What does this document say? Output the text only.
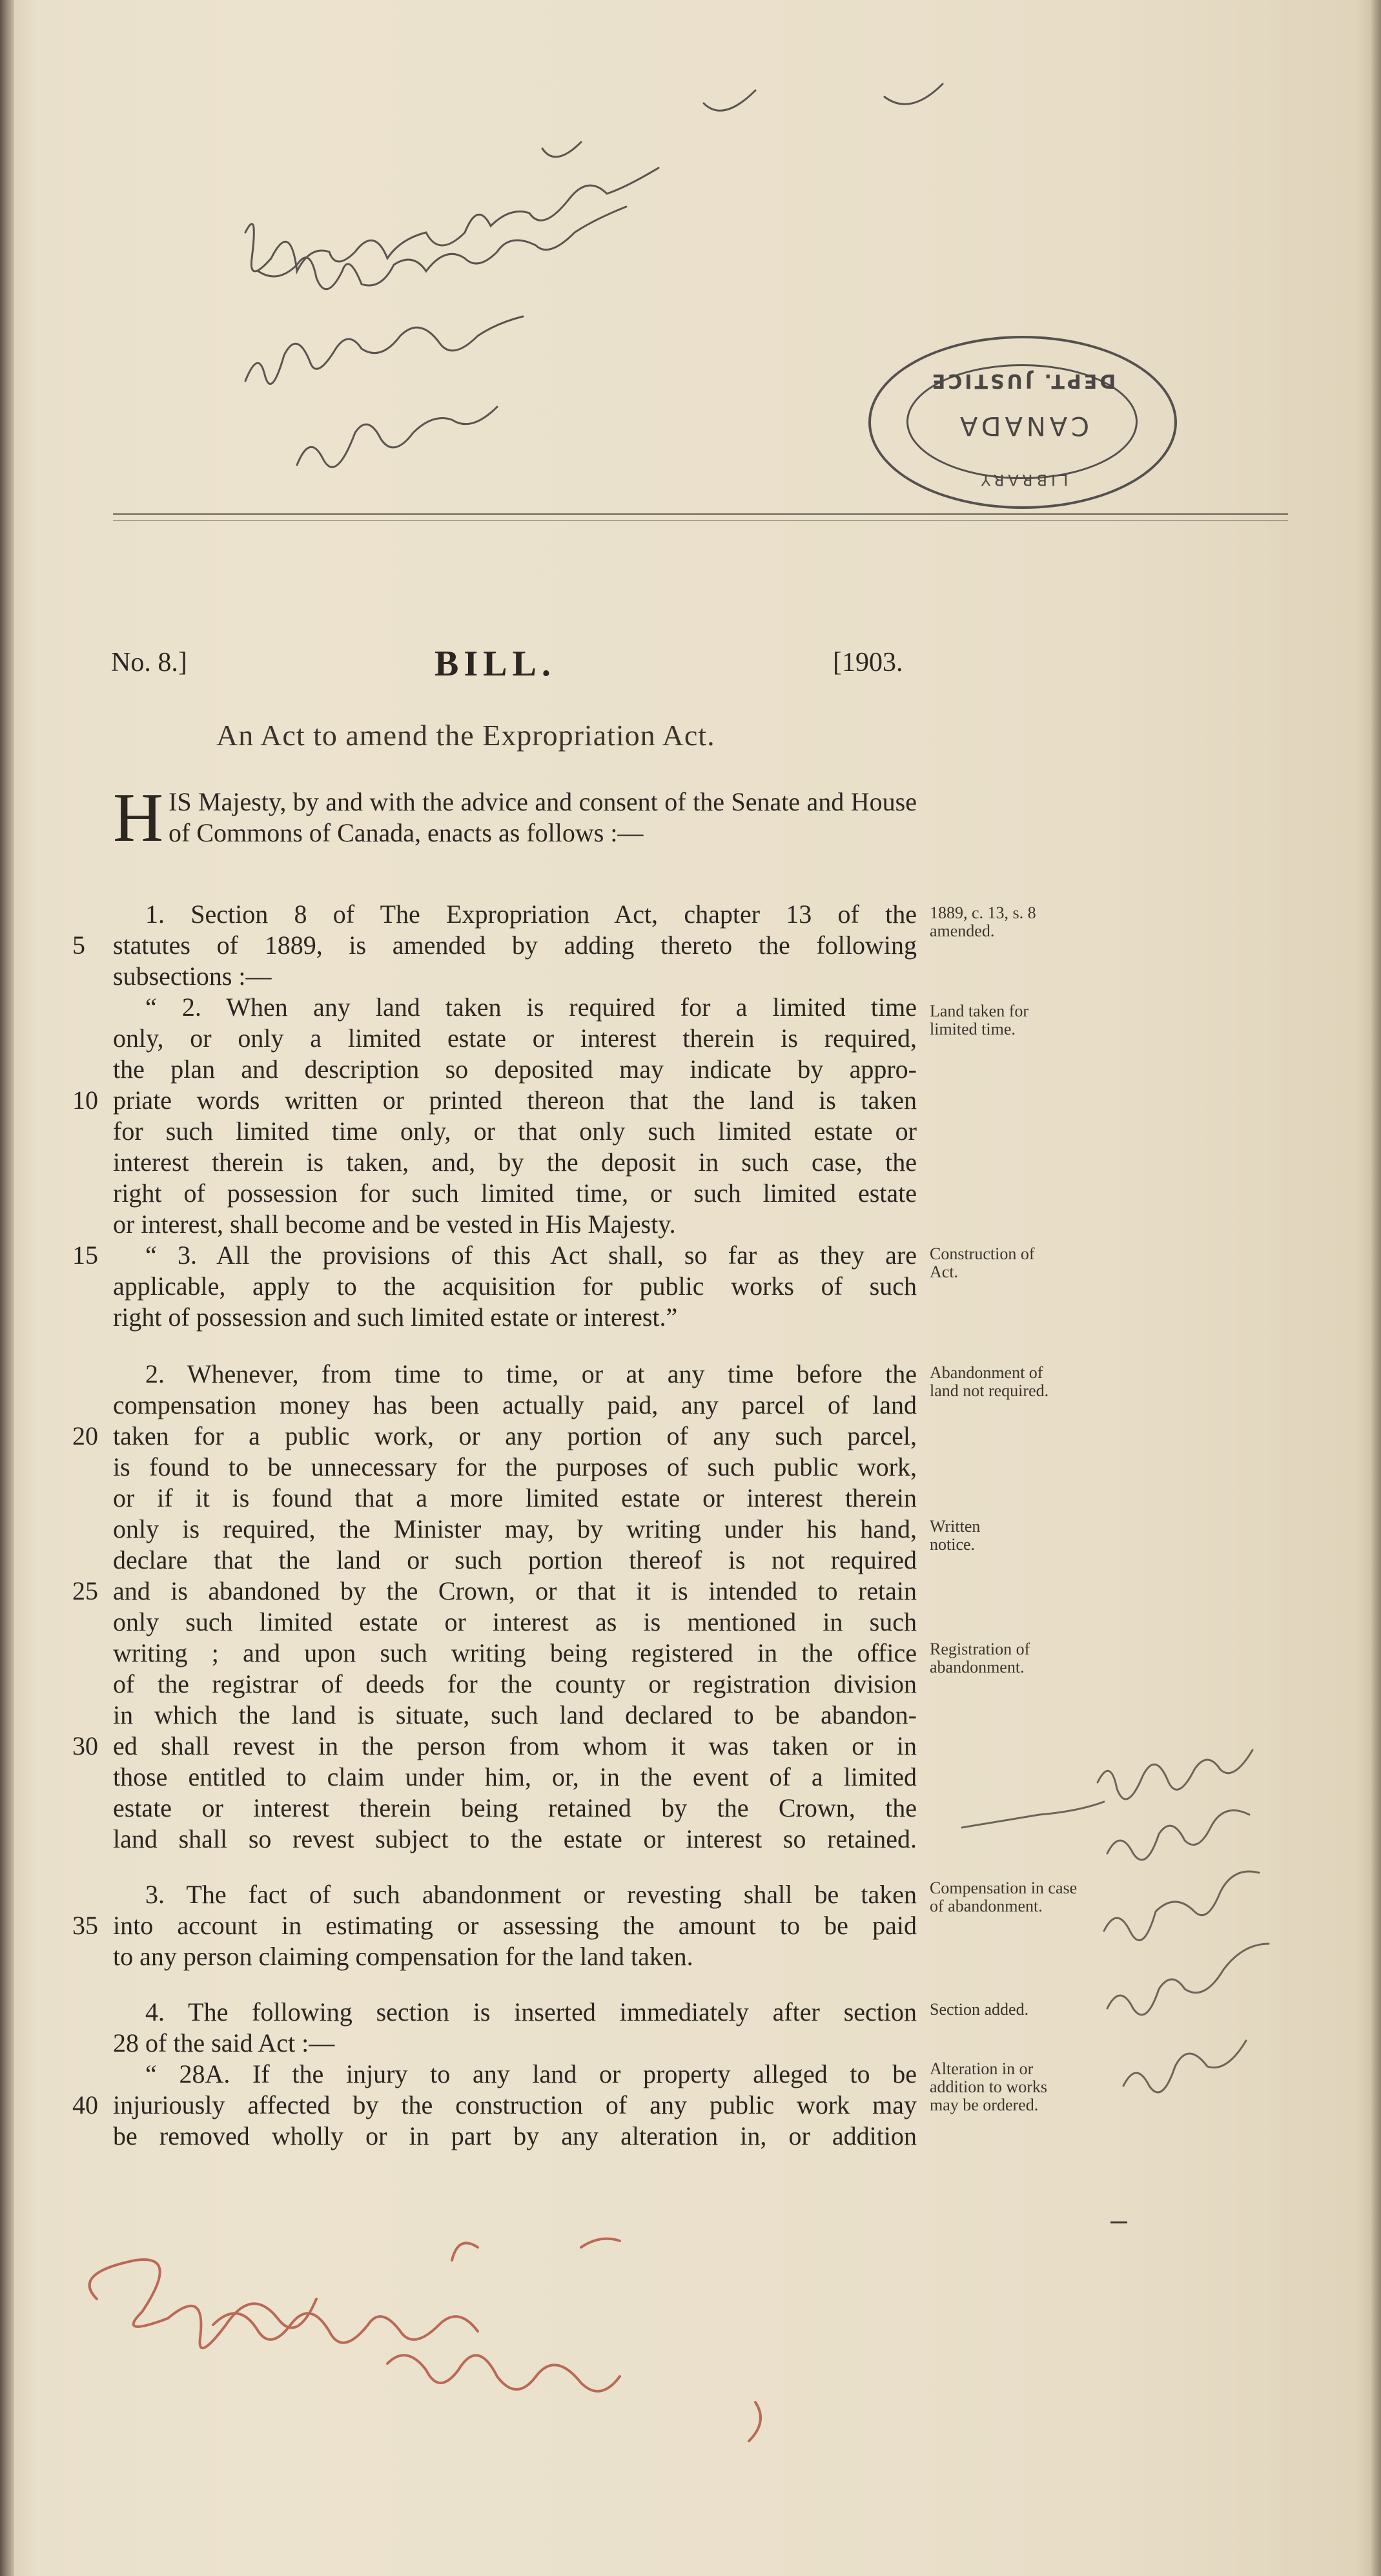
DEPT. JUSTICE
CANADA
LIBRARY
No. 8.]	BILL.	[1903.
An Act to amend the Expropriation Act.
H IS Majesty, by and with the advice and consent of the Senate and House of Commons of Canada, enacts as follows :—
1. Section 8 of The Expropriation Act, chapter 13 of the
statutes of 1889, is amended by adding thereto the following
subsections :—
“ 2. When any land taken is required for a limited time
only, or only a limited estate or interest therein is required,
the plan and description so deposited may indicate by appro-
priate words written or printed thereon that the land is taken
for such limited time only, or that only such limited estate or
interest therein is taken, and, by the deposit in such case, the
right of possession for such limited time, or such limited estate
or interest, shall become and be vested in His Majesty.
“ 3. All the provisions of this Act shall, so far as they are
applicable, apply to the acquisition for public works of such
right of possession and such limited estate or interest.”
2. Whenever, from time to time, or at any time before the
compensation money has been actually paid, any parcel of land
taken for a public work, or any portion of any such parcel,
is found to be unnecessary for the purposes of such public work,
or if it is found that a more limited estate or interest therein
only is required, the Minister may, by writing under his hand,
declare that the land or such portion thereof is not required
and is abandoned by the Crown, or that it is intended to retain
only such limited estate or interest as is mentioned in such
writing ; and upon such writing being registered in the office
of the registrar of deeds for the county or registration division
in which the land is situate, such land declared to be abandon-
ed shall revest in the person from whom it was taken or in
those entitled to claim under him, or, in the event of a limited
estate or interest therein being retained by the Crown, the
land shall so revest subject to the estate or interest so retained.
3. The fact of such abandonment or revesting shall be taken
into account in estimating or assessing the amount to be paid
to any person claiming compensation for the land taken.
4. The following section is inserted immediately after section
28 of the said Act :—
“ 28A. If the injury to any land or property alleged to be
injuriously affected by the construction of any public work may
be removed wholly or in part by any alteration in, or addition
5
10
15
20
25
30
35
40
1889, c. 13, s. 8 amended.
Land taken for limited time.
Construction of Act.
Abandonment of land not required.
Written notice.
Registration of abandonment.
Compensation in case of abandonment.
Section added.
Alteration in or addition to works may be ordered.
